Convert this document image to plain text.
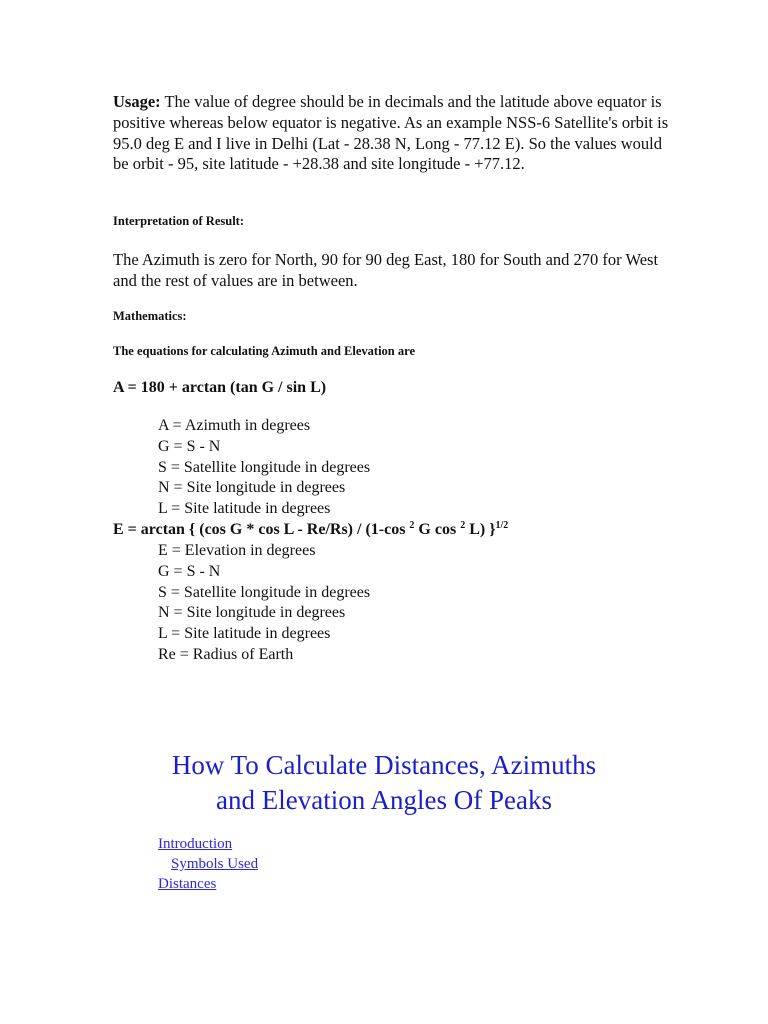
Usage: The value of degree should be in decimals and the latitude above equator is positive whereas below equator is negative. As an example NSS-6 Satellite's orbit is 95.0 deg E and I live in Delhi (Lat - 28.38 N, Long - 77.12 E). So the values would be orbit - 95, site latitude - +28.38 and site longitude - +77.12.

Interpretation of Result:

The Azimuth is zero for North, 90 for 90 deg East, 180 for South and 270 for West and the rest of values are in between.

Mathematics:

The equations for calculating Azimuth and Elevation are

A = 180 + arctan (tan G / sin L)

A = Azimuth in degrees
G = S - N
S = Satellite longitude in degrees
N = Site longitude in degrees
L = Site latitude in degrees

E = arctan { (cos G * cos L - Re/Rs) / (1-cos $^2$ G cos $^2$ L) }$^{1/2}$

E = Elevation in degrees
G = S - N
S = Satellite longitude in degrees
N = Site longitude in degrees
L = Site latitude in degrees
Re = Radius of Earth
How To Calculate Distances, Azimuths
and Elevation Angles Of Peaks
Introduction
Symbols Used
Distances
